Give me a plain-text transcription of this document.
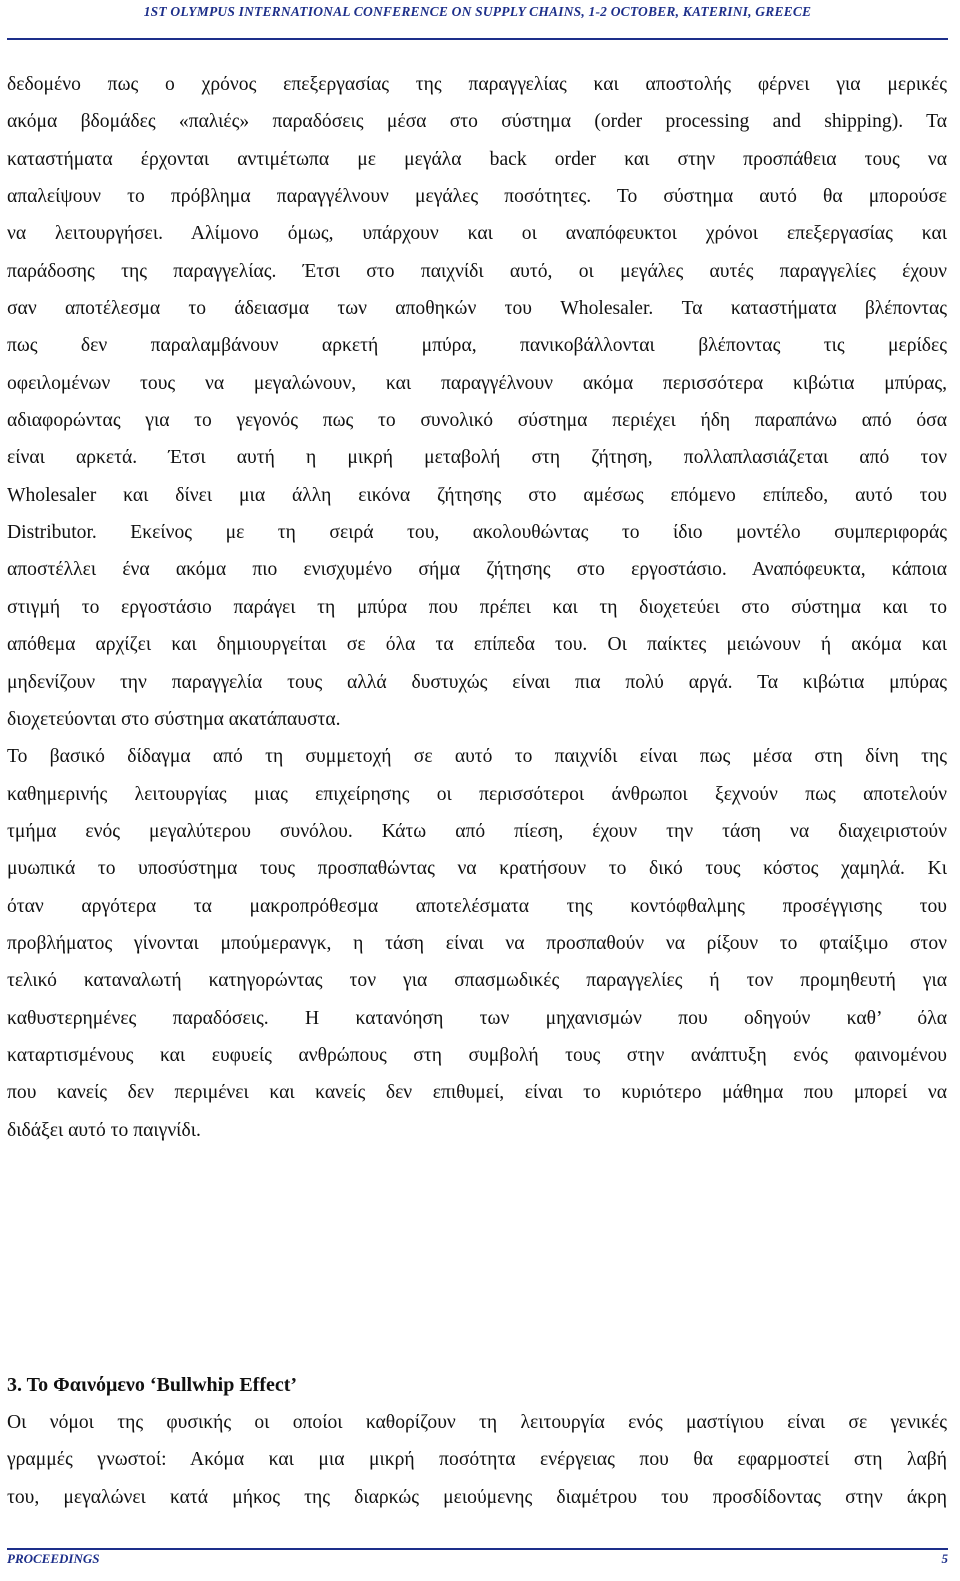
1ST OLYMPUS INTERNATIONAL CONFERENCE ON SUPPLY CHAINS, 1-2 OCTOBER, KATERINI, GREECE

δεδομένο πως ο χρόνος επεξεργασίας της παραγγελίας και αποστολής φέρνει για μερικές
ακόμα βδομάδες «παλιές» παραδόσεις μέσα στο σύστημα (order processing and shipping). Τα
καταστήματα έρχονται αντιμέτωπα με μεγάλα back order και στην προσπάθεια τους να
απαλείψουν το πρόβλημα παραγγέλνουν μεγάλες ποσότητες. Το σύστημα αυτό θα μπορούσε
να λειτουργήσει. Αλίμονο όμως, υπάρχουν και οι αναπόφευκτοι χρόνοι επεξεργασίας και
παράδοσης της παραγγελίας. Έτσι στο παιχνίδι αυτό, οι μεγάλες αυτές παραγγελίες έχουν
σαν αποτέλεσμα το άδειασμα των αποθηκών του Wholesaler. Τα καταστήματα βλέποντας
πως δεν παραλαμβάνουν αρκετή μπύρα, πανικοβάλλονται βλέποντας τις μερίδες
οφειλομένων τους να μεγαλώνουν, και παραγγέλνουν ακόμα περισσότερα κιβώτια μπύρας,
αδιαφορώντας για το γεγονός πως το συνολικό σύστημα περιέχει ήδη παραπάνω από όσα
είναι αρκετά. Έτσι αυτή η μικρή μεταβολή στη ζήτηση, πολλαπλασιάζεται από τον
Wholesaler και δίνει μια άλλη εικόνα ζήτησης στο αμέσως επόμενο επίπεδο, αυτό του
Distributor. Εκείνος με τη σειρά του, ακολουθώντας το ίδιο μοντέλο συμπεριφοράς
αποστέλλει ένα ακόμα πιο ενισχυμένο σήμα ζήτησης στο εργοστάσιο. Αναπόφευκτα, κάποια
στιγμή το εργοστάσιο παράγει τη μπύρα που πρέπει και τη διοχετεύει στο σύστημα και το
απόθεμα αρχίζει και δημιουργείται σε όλα τα επίπεδα του. Οι παίκτες μειώνουν ή ακόμα και
μηδενίζουν την παραγγελία τους αλλά δυστυχώς είναι πια πολύ αργά. Τα κιβώτια μπύρας
διοχετεύονται στο σύστημα ακατάπαυστα.

Το βασικό δίδαγμα από τη συμμετοχή σε αυτό το παιχνίδι είναι πως μέσα στη δίνη της
καθημερινής λειτουργίας μιας επιχείρησης οι περισσότεροι άνθρωποι ξεχνούν πως αποτελούν
τμήμα ενός μεγαλύτερου συνόλου. Κάτω από πίεση, έχουν την τάση να διαχειριστούν
μυωπικά το υποσύστημα τους προσπαθώντας να κρατήσουν το δικό τους κόστος χαμηλά. Κι
όταν αργότερα τα μακροπρόθεσμα αποτελέσματα της κοντόφθαλμης προσέγγισης του
προβλήματος γίνονται μπούμερανγκ, η τάση είναι να προσπαθούν να ρίξουν το φταίξιμο στον
τελικό καταναλωτή κατηγορώντας τον για σπασμωδικές παραγγελίες ή τον προμηθευτή για
καθυστερημένες παραδόσεις. Η κατανόηση των μηχανισμών που οδηγούν καθ’ όλα
καταρτισμένους και ευφυείς ανθρώπους στη συμβολή τους στην ανάπτυξη ενός φαινομένου
που κανείς δεν περιμένει και κανείς δεν επιθυμεί, είναι το κυριότερο μάθημα που μπορεί να
διδάξει αυτό το παιγνίδι.

3. Το Φαινόμενο ‘Bullwhip Effect’
Οι νόμοι της φυσικής οι οποίοι καθορίζουν τη λειτουργία ενός μαστίγιου είναι σε γενικές
γραμμές γνωστοί: Ακόμα και μια μικρή ποσότητα ενέργειας που θα εφαρμοστεί στη λαβή
του, μεγαλώνει κατά μήκος της διαρκώς μειούμενης διαμέτρου του προσδίδοντας στην άκρη
PROCEEDINGS	5
